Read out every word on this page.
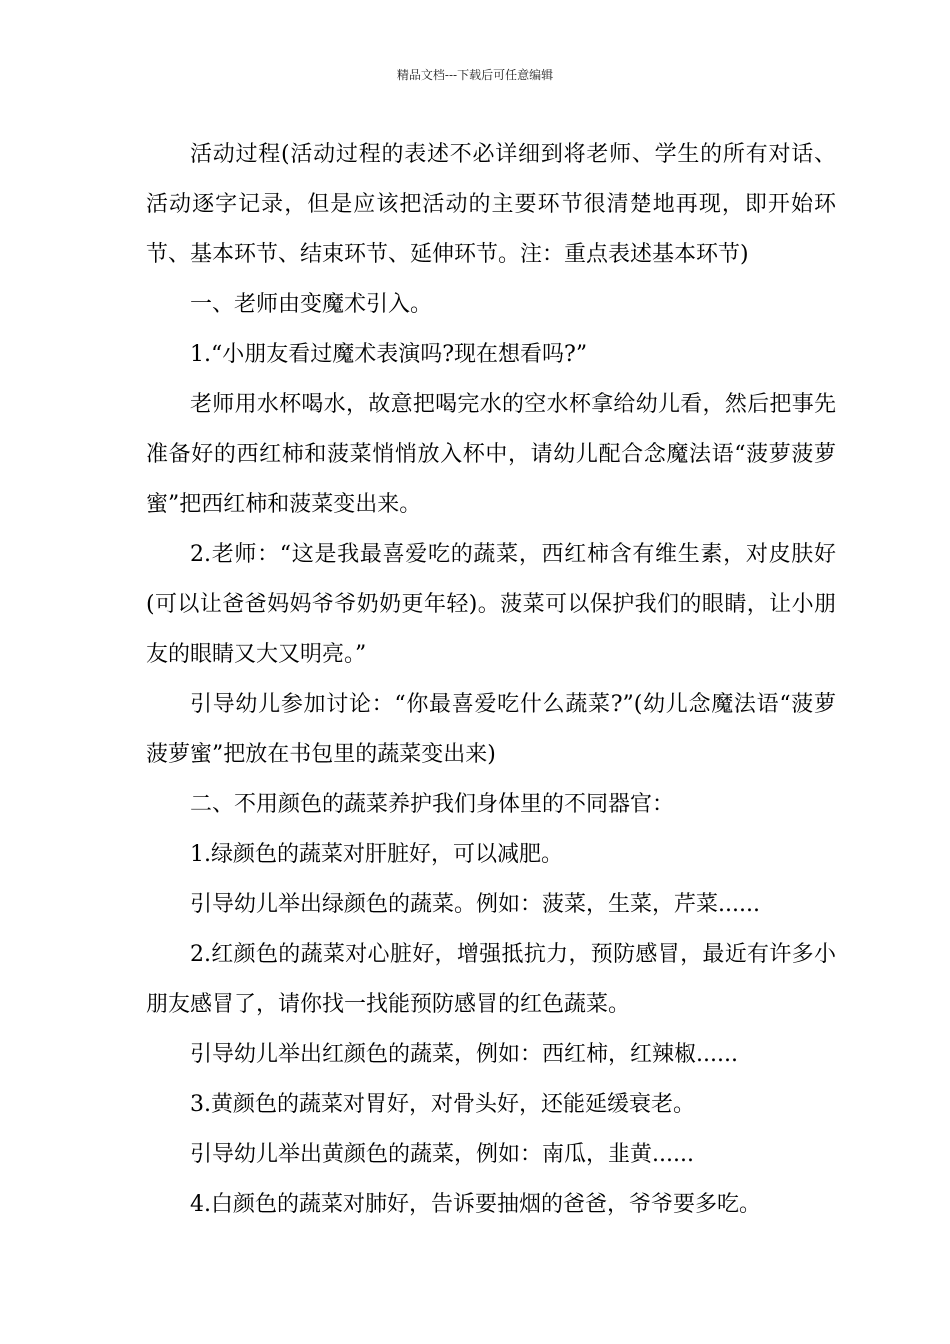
精品文档---下载后可任意编辑

活动过程(活动过程的表述不必详细到将老师、学生的所有对话、活动逐字记录，但是应该把活动的主要环节很清楚地再现，即开始环节、基本环节、结束环节、延伸环节。注：重点表述基本环节)

一、老师由变魔术引入。

1.“小朋友看过魔术表演吗?现在想看吗?”

老师用水杯喝水，故意把喝完水的空水杯拿给幼儿看，然后把事先准备好的西红柿和菠菜悄悄放入杯中，请幼儿配合念魔法语“菠萝菠萝蜜”把西红柿和菠菜变出来。

2.老师：“这是我最喜爱吃的蔬菜，西红柿含有维生素，对皮肤好(可以让爸爸妈妈爷爷奶奶更年轻)。菠菜可以保护我们的眼睛，让小朋友的眼睛又大又明亮。”

引导幼儿参加讨论：“你最喜爱吃什么蔬菜?”(幼儿念魔法语“菠萝菠萝蜜”把放在书包里的蔬菜变出来)

二、不用颜色的蔬菜养护我们身体里的不同器官：

1.绿颜色的蔬菜对肝脏好，可以减肥。

引导幼儿举出绿颜色的蔬菜。例如：菠菜，生菜，芹菜......

2.红颜色的蔬菜对心脏好，增强抵抗力，预防感冒，最近有许多小朋友感冒了，请你找一找能预防感冒的红色蔬菜。

引导幼儿举出红颜色的蔬菜，例如：西红柿，红辣椒......

3.黄颜色的蔬菜对胃好，对骨头好，还能延缓衰老。

引导幼儿举出黄颜色的蔬菜，例如：南瓜，韭黄......

4.白颜色的蔬菜对肺好，告诉要抽烟的爸爸，爷爷要多吃。
